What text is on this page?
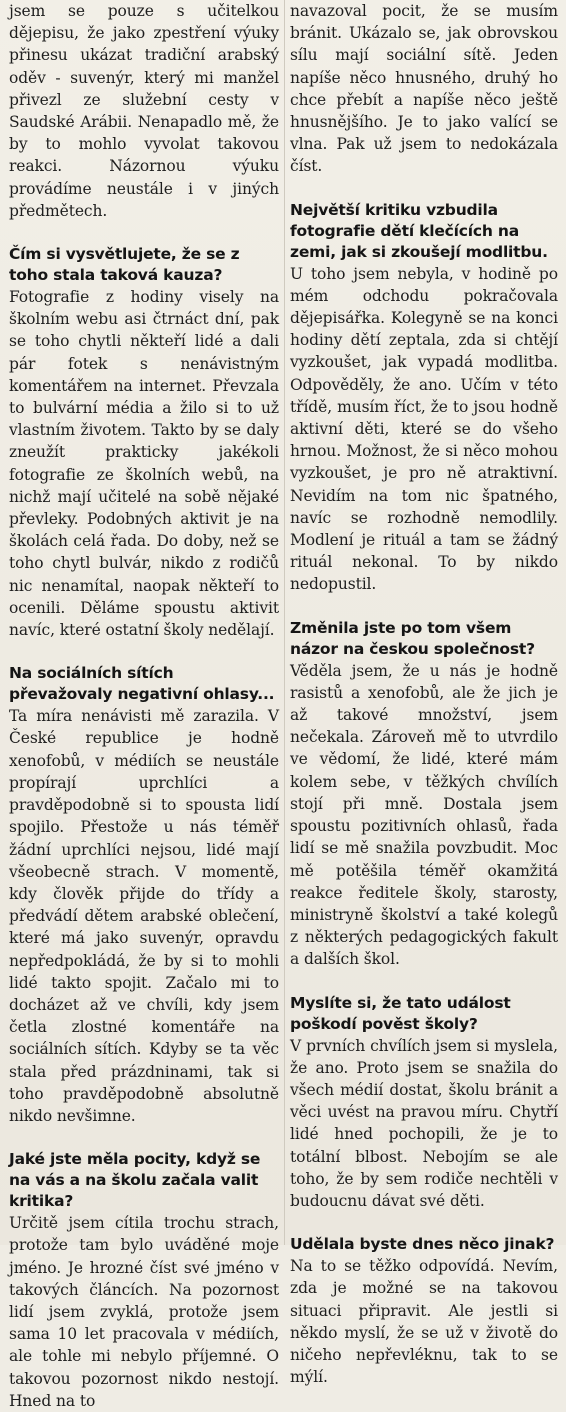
jsem se pouze s učitelkou dějepisu, že jako zpestření výuky přinesu ukázat tradiční arabský oděv - suvenýr, který mi manžel přivezl ze služební cesty v Saudské Arábii. Nenapadlo mě, že by to mohlo vyvolat takovou reakci. Názornou výuku provádíme neustále i v jiných předmětech.

Čím si vysvětlujete, že se z toho stala taková kauza?

Fotografie z hodiny visely na školním webu asi čtrnáct dní, pak se toho chytli někteří lidé a dali pár fotek s nenávistným komentářem na internet. Převzala to bulvární média a žilo si to už vlastním životem. Takto by se daly zneužít prakticky jakékoli fotografie ze školních webů, na nichž mají učitelé na sobě nějaké převleky. Podobných aktivit je na školách celá řada. Do doby, než se toho chytl bulvár, nikdo z rodičů nic nenamítal, naopak někteří to ocenili. Děláme spoustu aktivit navíc, které ostatní školy nedělají.

Na sociálních sítích převažovaly negativní ohlasy...

Ta míra nenávisti mě zarazila. V České republice je hodně xenofobů, v médiích se neustále propírají uprchlíci a pravděpodobně si to spousta lidí spojilo. Přestože u nás téměř žádní uprchlíci nejsou, lidé mají všeobecně strach. V momentě, kdy člověk přijde do třídy a předvádí dětem arabské oblečení, které má jako suvenýr, opravdu nepředpokládá, že by si to mohli lidé takto spojit. Začalo mi to docházet až ve chvíli, kdy jsem četla zlostné komentáře na sociálních sítích. Kdyby se ta věc stala před prázdninami, tak si toho pravděpodobně absolutně nikdo nevšimne.

Jaké jste měla pocity, když se na vás a na školu začala valit kritika?

Určitě jsem cítila trochu strach, protože tam bylo uváděné moje jméno. Je hrozné číst své jméno v takových článcích. Na pozornost lidí jsem zvyklá, protože jsem sama 10 let pracovala v médiích, ale tohle mi nebylo příjemné. O takovou pozornost nikdo nestojí. Hned na to

navazoval pocit, že se musím bránit. Ukázalo se, jak obrovskou sílu mají sociální sítě. Jeden napíše něco hnusného, druhý ho chce přebít a napíše něco ještě hnusnějšího. Je to jako valící se vlna. Pak už jsem to nedokázala číst.

Největší kritiku vzbudila fotografie dětí klečících na zemi, jak si zkoušejí modlitbu.

U toho jsem nebyla, v hodině po mém odchodu pokračovala dějepisářka. Kolegyně se na konci hodiny dětí zeptala, zda si chtějí vyzkoušet, jak vypadá modlitba. Odpověděly, že ano. Učím v této třídě, musím říct, že to jsou hodně aktivní děti, které se do všeho hrnou. Možnost, že si něco mohou vyzkoušet, je pro ně atraktivní. Nevidím na tom nic špatného, navíc se rozhodně nemodlily. Modlení je rituál a tam se žádný rituál nekonal. To by nikdo nedopustil.

Změnila jste po tom všem názor na českou společnost?

Věděla jsem, že u nás je hodně rasistů a xenofobů, ale že jich je až takové množství, jsem nečekala. Zároveň mě to utvrdilo ve vědomí, že lidé, které mám kolem sebe, v těžkých chvílích stojí při mně. Dostala jsem spoustu pozitivních ohlasů, řada lidí se mě snažila povzbudit. Moc mě potěšila téměř okamžitá reakce ředitele školy, starosty, ministryně školství a také kolegů z některých pedagogických fakult a dalších škol.

Myslíte si, že tato událost poškodí pověst školy?

V prvních chvílích jsem si myslela, že ano. Proto jsem se snažila do všech médií dostat, školu bránit a věci uvést na pravou míru. Chytří lidé hned pochopili, že je to totální blbost. Nebojím se ale toho, že by sem rodiče nechtěli v budoucnu dávat své děti.

Udělala byste dnes něco jinak?

Na to se těžko odpovídá. Nevím, zda je možné se na takovou situaci připravit. Ale jestli si někdo myslí, že se už v životě do ničeho nepřevléknu, tak to se mýlí.
